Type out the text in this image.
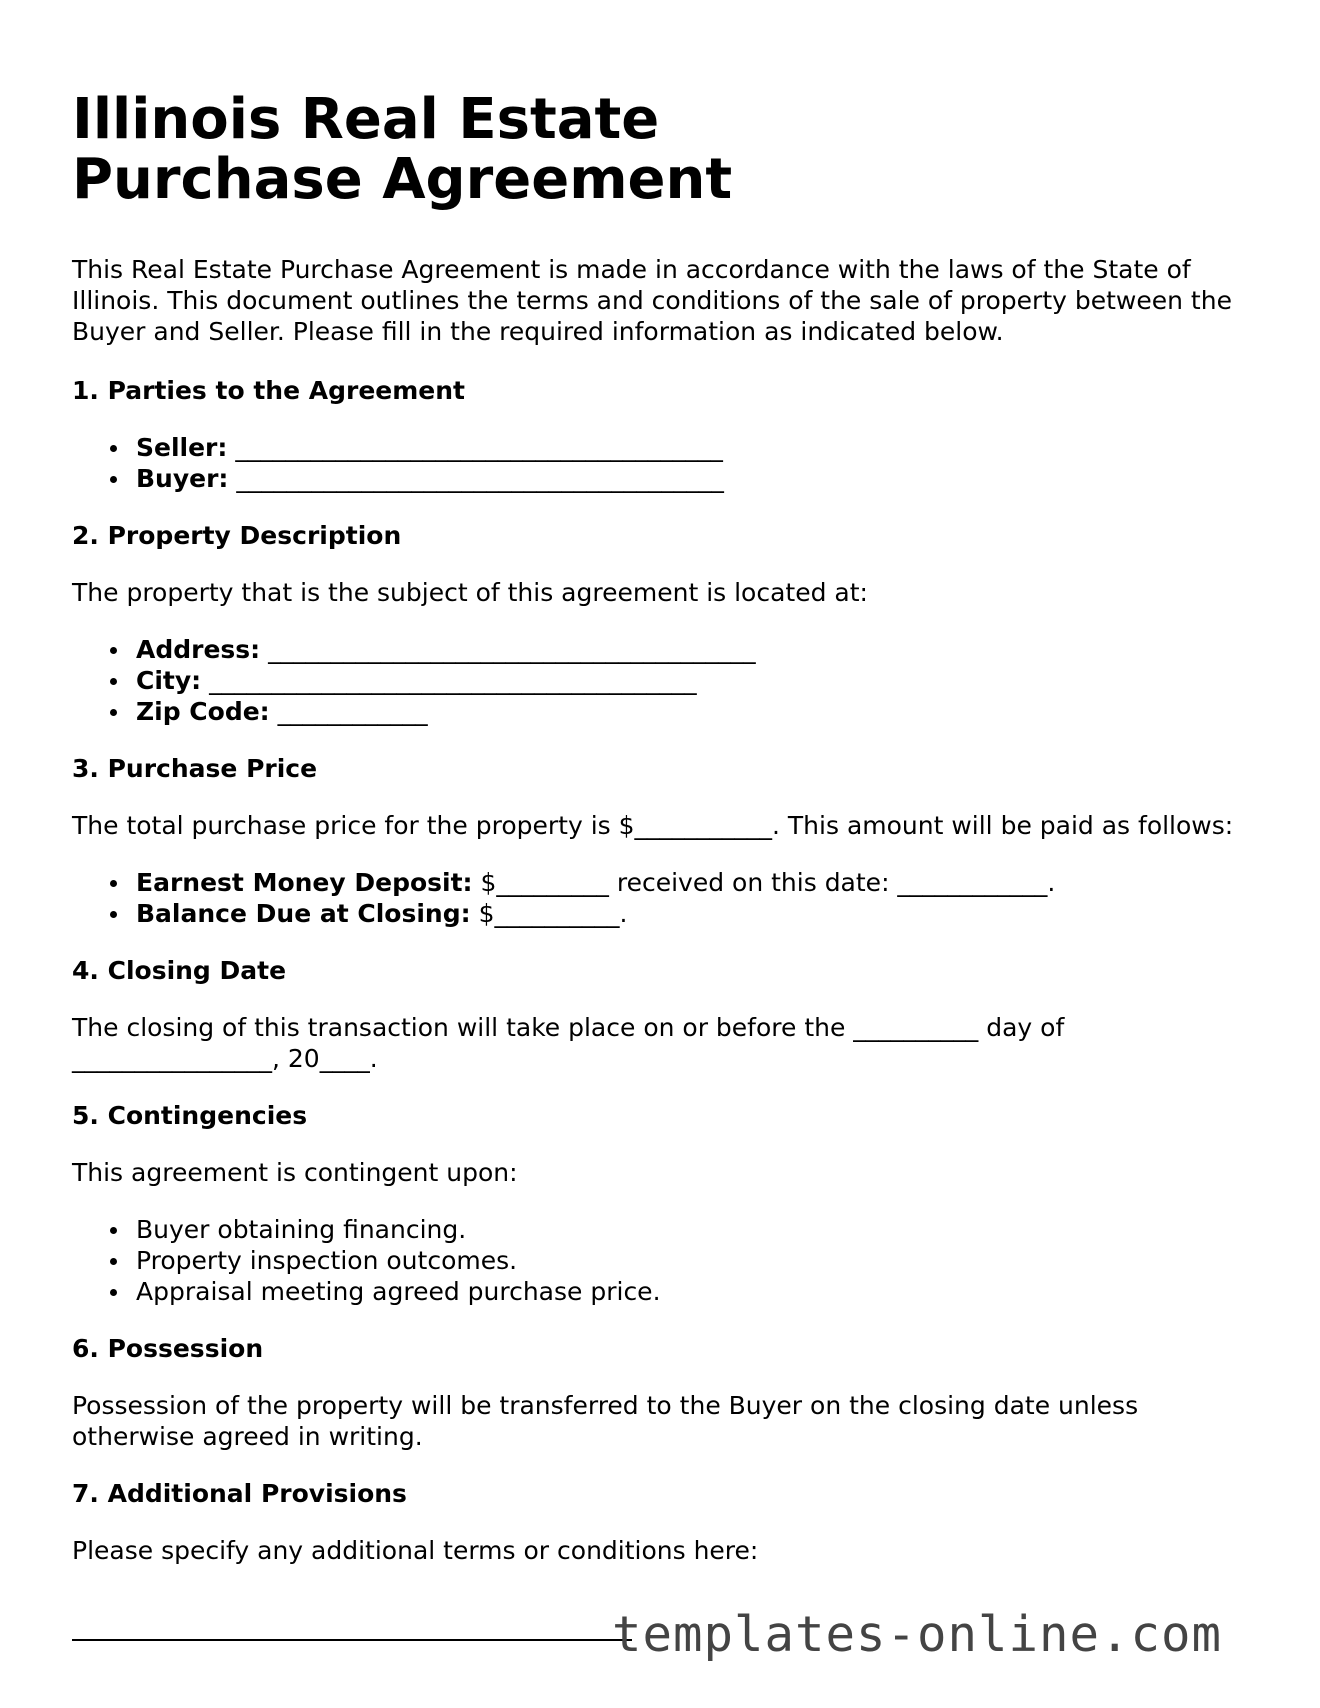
Illinois Real Estate Purchase Agreement

This Real Estate Purchase Agreement is made in accordance with the laws of the State of Illinois. This document outlines the terms and conditions of the sale of property between the Buyer and Seller. Please fill in the required information as indicated below.

1. Parties to the Agreement
Seller: _______________________________________
Buyer: _______________________________________
2. Property Description

The property that is the subject of this agreement is located at:

Address: _______________________________________
City: _______________________________________
Zip Code: ____________
3. Purchase Price

The total purchase price for the property is $___________. This amount will be paid as follows:

Earnest Money Deposit: $_________ received on this date: ____________.
Balance Due at Closing: $__________.
4. Closing Date

The closing of this transaction will take place on or before the __________ day of ________________, 20____.

5. Contingencies

This agreement is contingent upon:

Buyer obtaining financing.
Property inspection outcomes.
Appraisal meeting agreed purchase price.
6. Possession

Possession of the property will be transferred to the Buyer on the closing date unless otherwise agreed in writing.

7. Additional Provisions

Please specify any additional terms or conditions here:

templates-online.com
